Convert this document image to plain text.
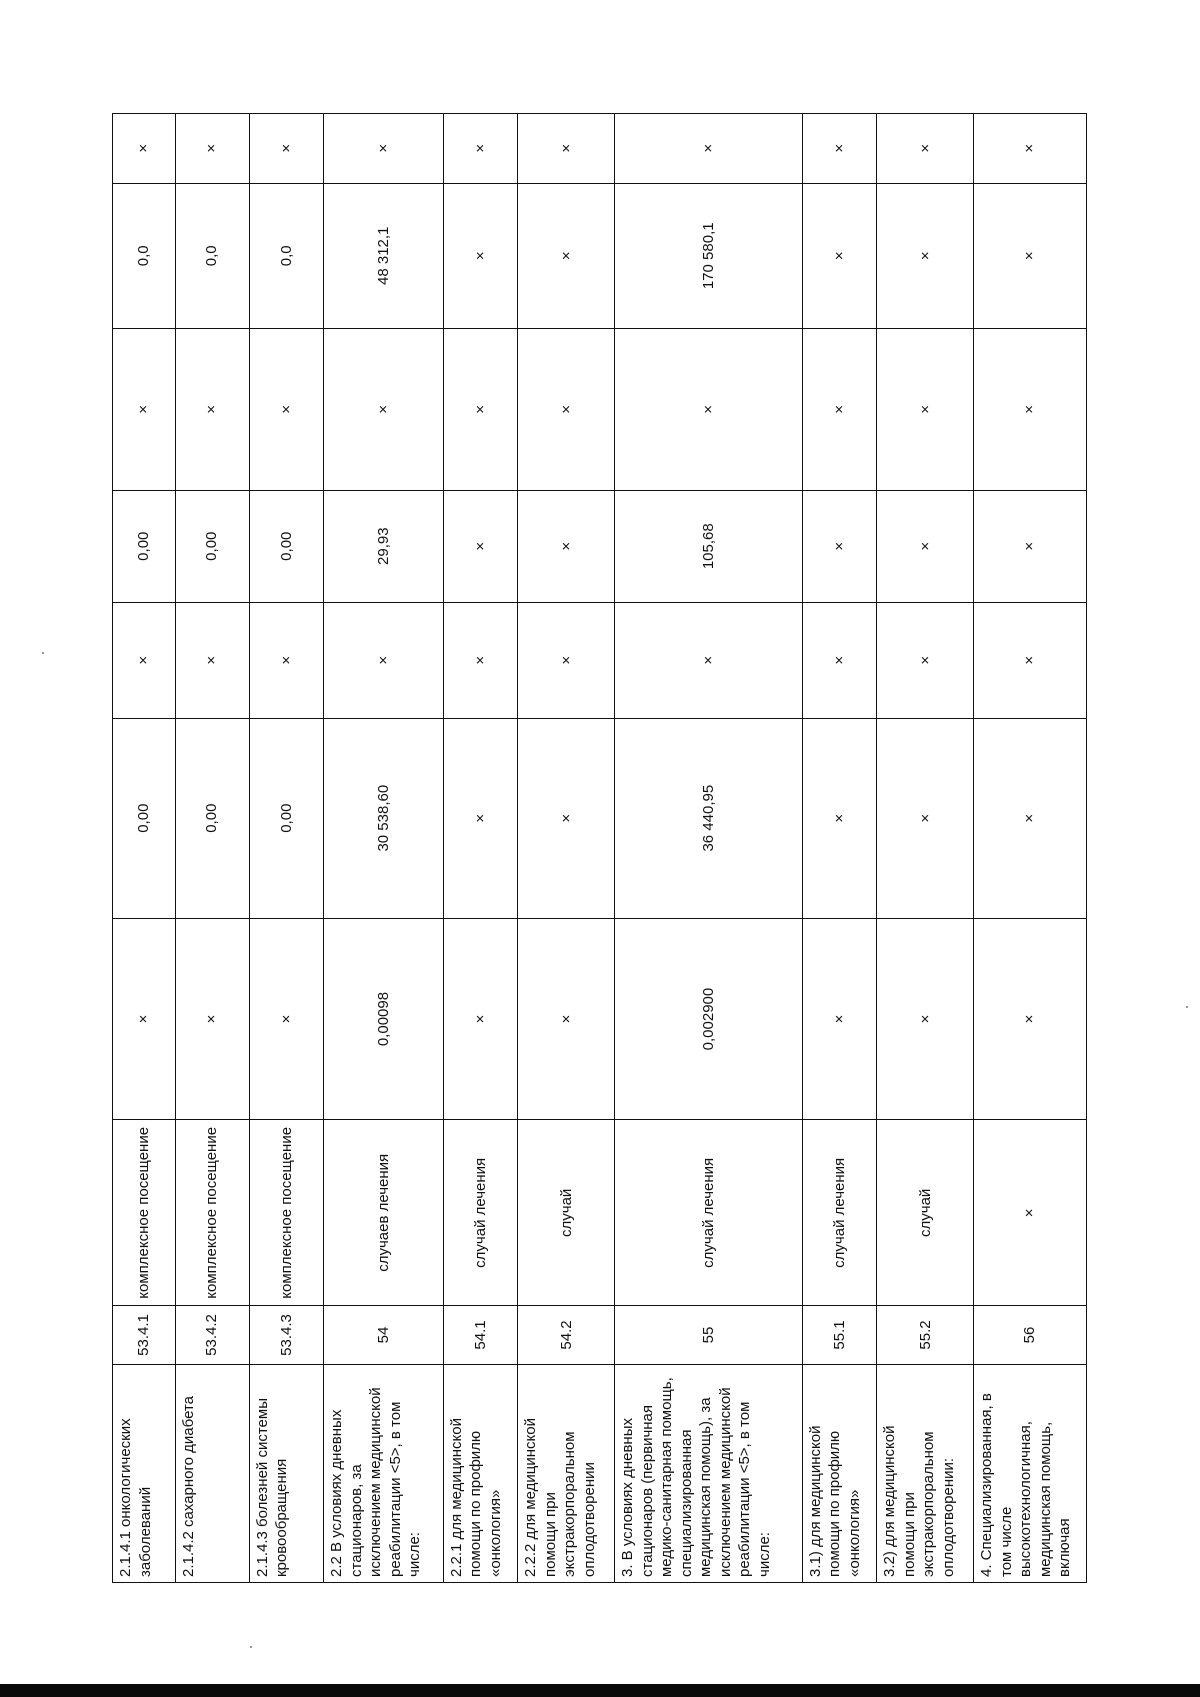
2.1.4.1 онкологических заболеваний	53.4.1	комплексное посещение	×	0,00	×	0,00	×	0,0	×
2.1.4.2 сахарного диабета	53.4.2	комплексное посещение	×	0,00	×	0,00	×	0,0	×
2.1.4.3 болезней системы кровообращения	53.4.3	комплексное посещение	×	0,00	×	0,00	×	0,0	×
2.2 В условиях дневных стационаров, за исключением медицинской реабилитации <5>, в том числе:	54	случаев лечения	0,00098	30 538,60	×	29,93	×	48 312,1	×
2.2.1 для медицинской помощи по профилю «онкология»	54.1	случай лечения	×	×	×	×	×	×	×
2.2.2 для медицинской помощи при экстракорпоральном оплодотворении	54.2	случай	×	×	×	×	×	×	×
3. В условиях дневных стационаров (первичная медико-санитарная помощь, специализированная медицинская помощь), за исключением медицинской реабилитации <5>, в том числе:	55	случай лечения	0,002900	36 440,95	×	105,68	×	170 580,1	×
3.1) для медицинской помощи по профилю «онкология»	55.1	случай лечения	×	×	×	×	×	×	×
3.2) для медицинской помощи при экстракорпоральном оплодотворении:	55.2	случай	×	×	×	×	×	×	×
4. Специализированная, в том числе высокотехнологичная, медицинская помощь, включая	56	×	×	×	×	×	×	×	×
